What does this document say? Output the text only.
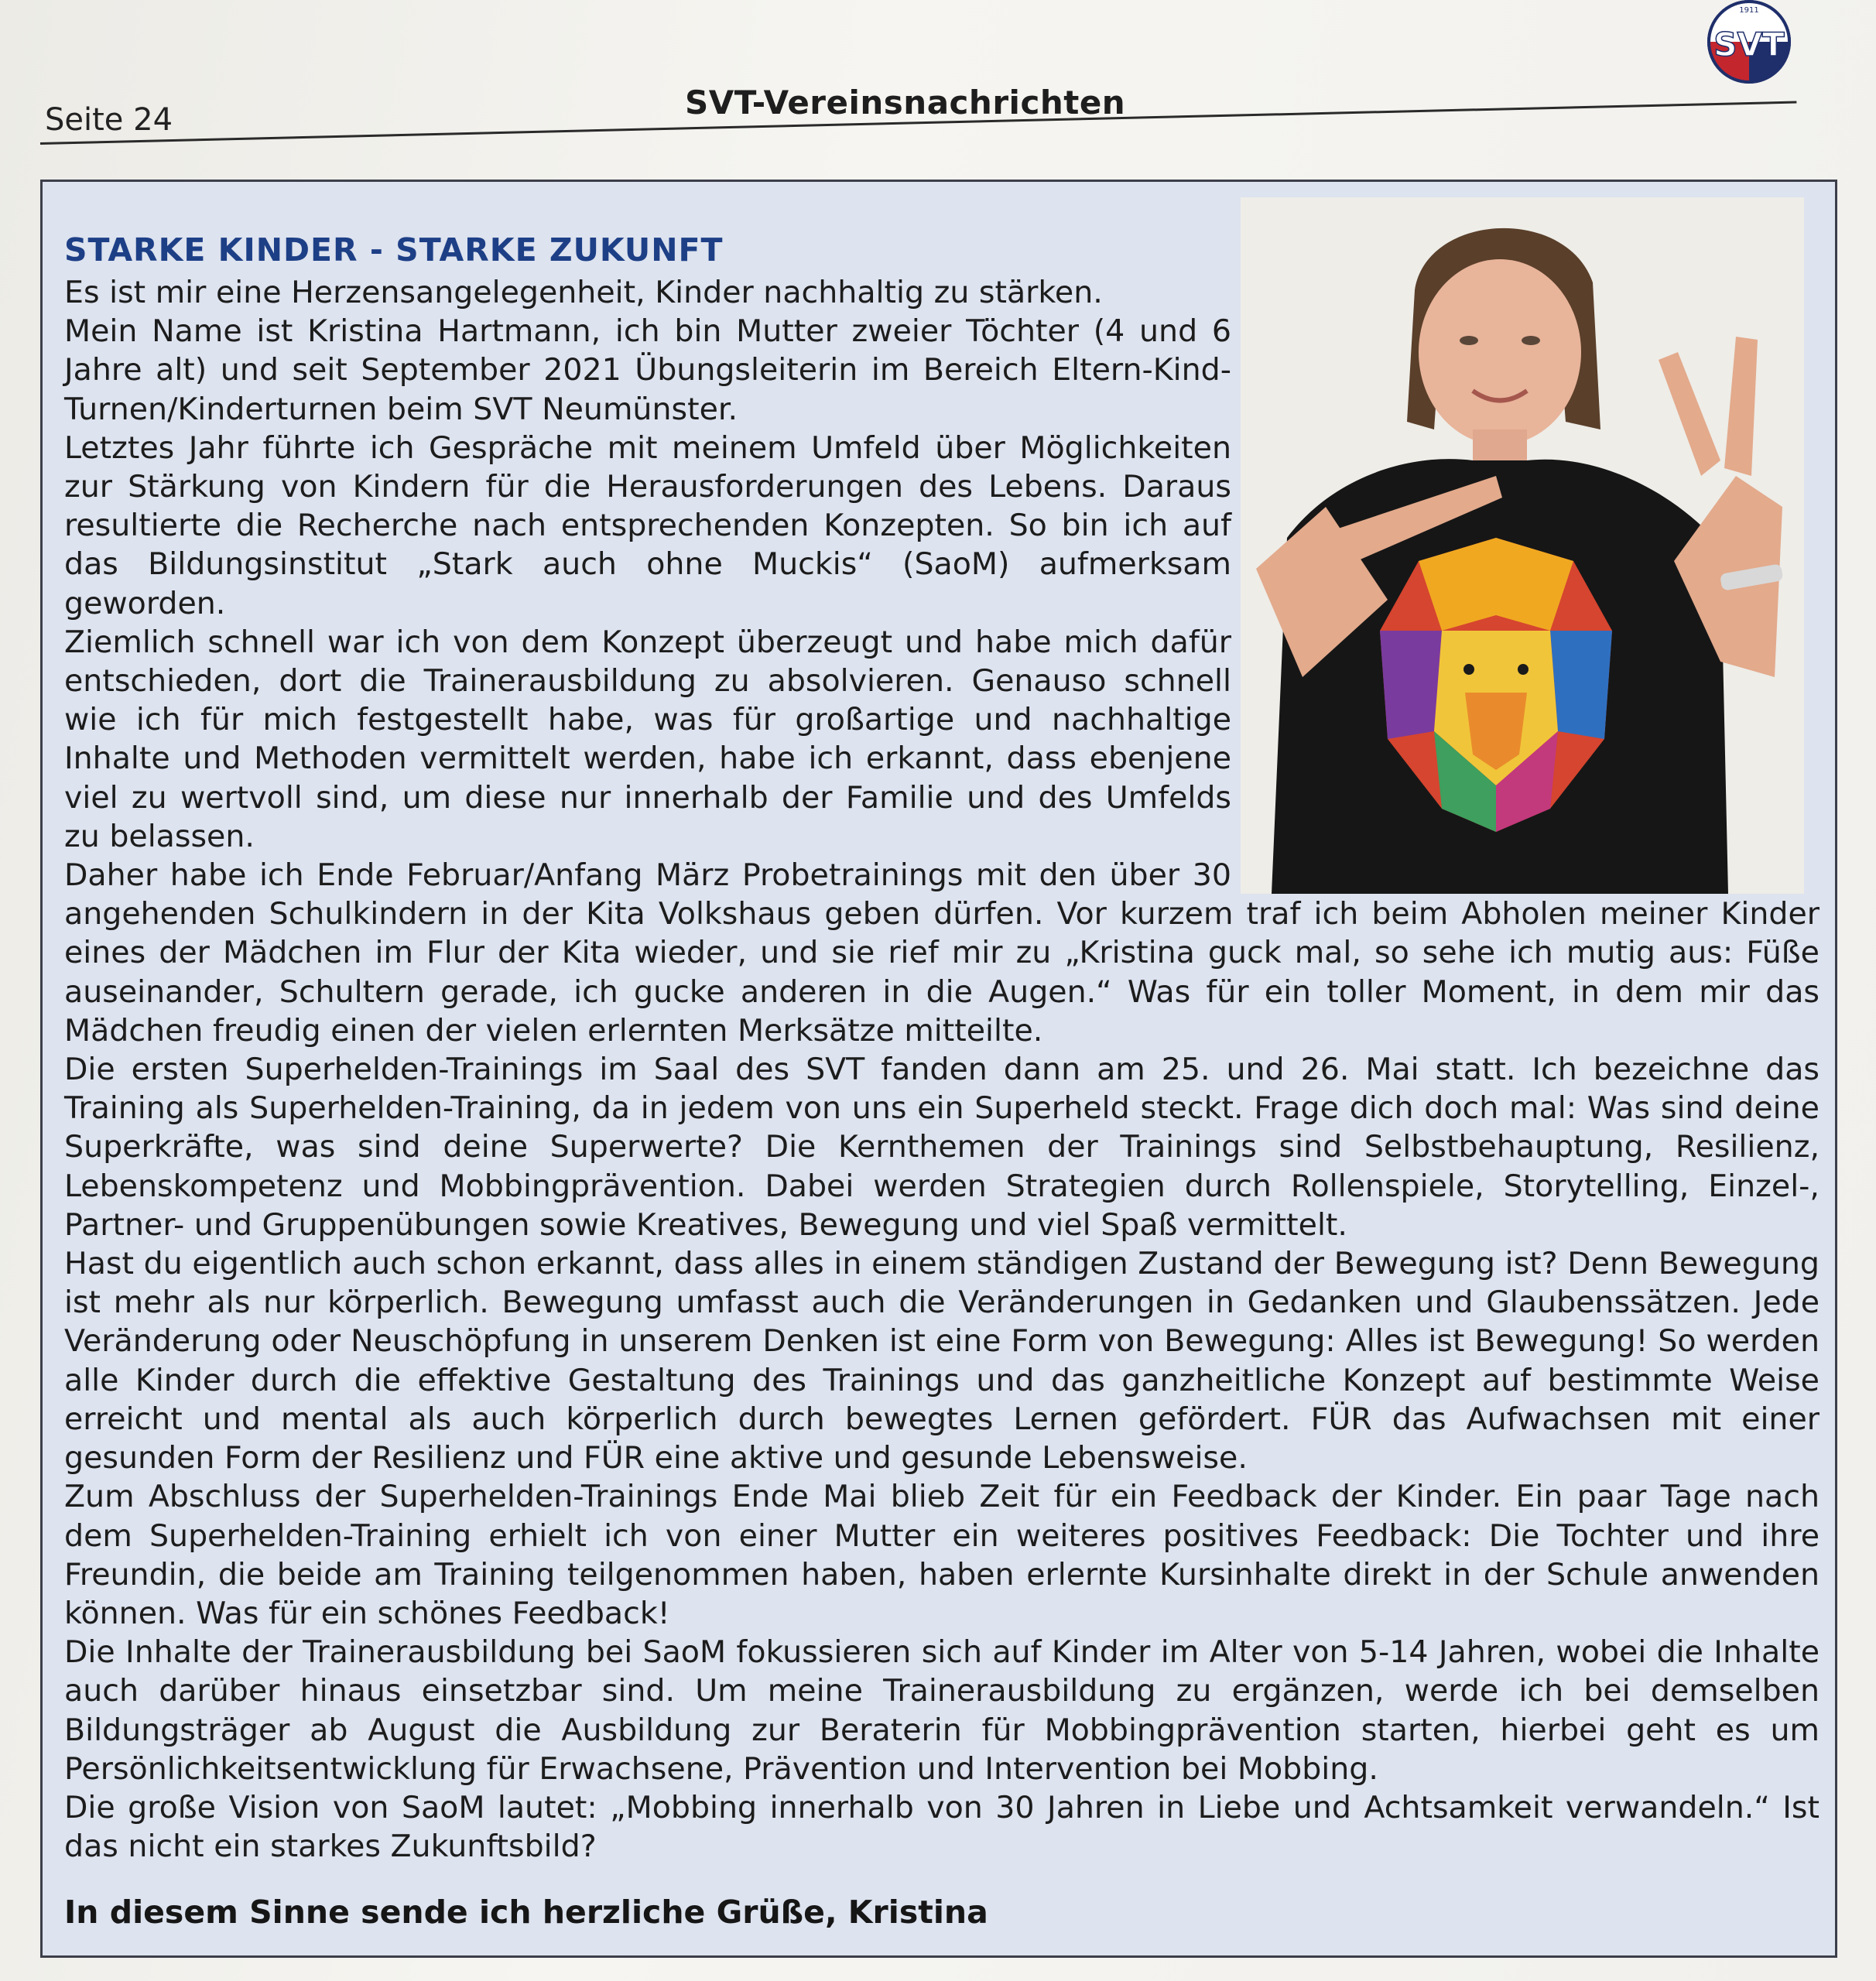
Seite 24	SVT-Vereinsnachrichten
SVT
1911
STARKE KINDER - STARKE ZUKUNFT

Es ist mir eine Herzensangelegenheit, Kinder nachhaltig zu stärken.

Mein Name ist Kristina Hartmann, ich bin Mutter zweier Töchter (4 und 6 Jahre alt) und seit September 2021 Übungsleiterin im Bereich Eltern-Kind-Turnen/Kinderturnen beim SVT Neumünster.

Letztes Jahr führte ich Gespräche mit meinem Umfeld über Möglichkeiten zur Stärkung von Kindern für die Herausforderungen des Lebens. Daraus resultierte die Recherche nach entsprechenden Konzepten. So bin ich auf das Bildungsinstitut „Stark auch ohne Muckis“ (SaoM) aufmerksam geworden.

Ziemlich schnell war ich von dem Konzept überzeugt und habe mich dafür entschieden, dort die Trainerausbildung zu absolvieren. Genauso schnell wie ich für mich festgestellt habe, was für großartige und nachhaltige Inhalte und Methoden vermittelt werden, habe ich erkannt, dass ebenjene viel zu wertvoll sind, um diese nur innerhalb der Familie und des Umfelds zu belassen.

Daher habe ich Ende Februar/Anfang März Probetrainings mit den über 30 angehenden Schulkindern in der Kita Volkshaus geben dürfen. Vor kurzem traf ich beim Abholen meiner Kinder eines der Mädchen im Flur der Kita wieder, und sie rief mir zu „Kristina guck mal, so sehe ich mutig aus: Füße auseinander, Schultern gerade, ich gucke anderen in die Augen.“ Was für ein toller Moment, in dem mir das Mädchen freudig einen der vielen erlernten Merksätze mitteilte.

Die ersten Superhelden-Trainings im Saal des SVT fanden dann am 25. und 26. Mai statt. Ich bezeichne das Training als Superhelden-Training, da in jedem von uns ein Superheld steckt. Frage dich doch mal: Was sind deine Superkräfte, was sind deine Superwerte? Die Kernthemen der Trainings sind Selbstbehauptung, Resilienz, Lebenskompetenz und Mobbingprävention. Dabei werden Strategien durch Rollenspiele, Storytelling, Einzel-, Partner- und Gruppenübungen sowie Kreatives, Bewegung und viel Spaß vermittelt.

Hast du eigentlich auch schon erkannt, dass alles in einem ständigen Zustand der Bewegung ist? Denn Bewegung ist mehr als nur körperlich. Bewegung umfasst auch die Veränderungen in Gedanken und Glaubenssätzen. Jede Veränderung oder Neuschöpfung in unserem Denken ist eine Form von Bewegung: Alles ist Bewegung! So werden alle Kinder durch die effektive Gestaltung des Trainings und das ganzheitliche Konzept auf bestimmte Weise erreicht und mental als auch körperlich durch bewegtes Lernen gefördert. FÜR das Aufwachsen mit einer gesunden Form der Resilienz und FÜR eine aktive und gesunde Lebensweise.

Zum Abschluss der Superhelden-Trainings Ende Mai blieb Zeit für ein Feedback der Kinder. Ein paar Tage nach dem Superhelden-Training erhielt ich von einer Mutter ein weiteres positives Feedback: Die Tochter und ihre Freundin, die beide am Training teilgenommen haben, haben erlernte Kursinhalte direkt in der Schule anwenden können. Was für ein schönes Feedback!

Die Inhalte der Trainerausbildung bei SaoM fokussieren sich auf Kinder im Alter von 5-14 Jahren, wobei die Inhalte auch darüber hinaus einsetzbar sind. Um meine Trainerausbildung zu ergänzen, werde ich bei demselben Bildungsträger ab August die Ausbildung zur Beraterin für Mobbingprävention starten, hierbei geht es um Persönlichkeitsentwicklung für Erwachsene, Prävention und Intervention bei Mobbing.

Die große Vision von SaoM lautet: „Mobbing innerhalb von 30 Jahren in Liebe und Achtsamkeit verwandeln.“ Ist das nicht ein starkes Zukunftsbild?

In diesem Sinne sende ich herzliche Grüße, Kristina
